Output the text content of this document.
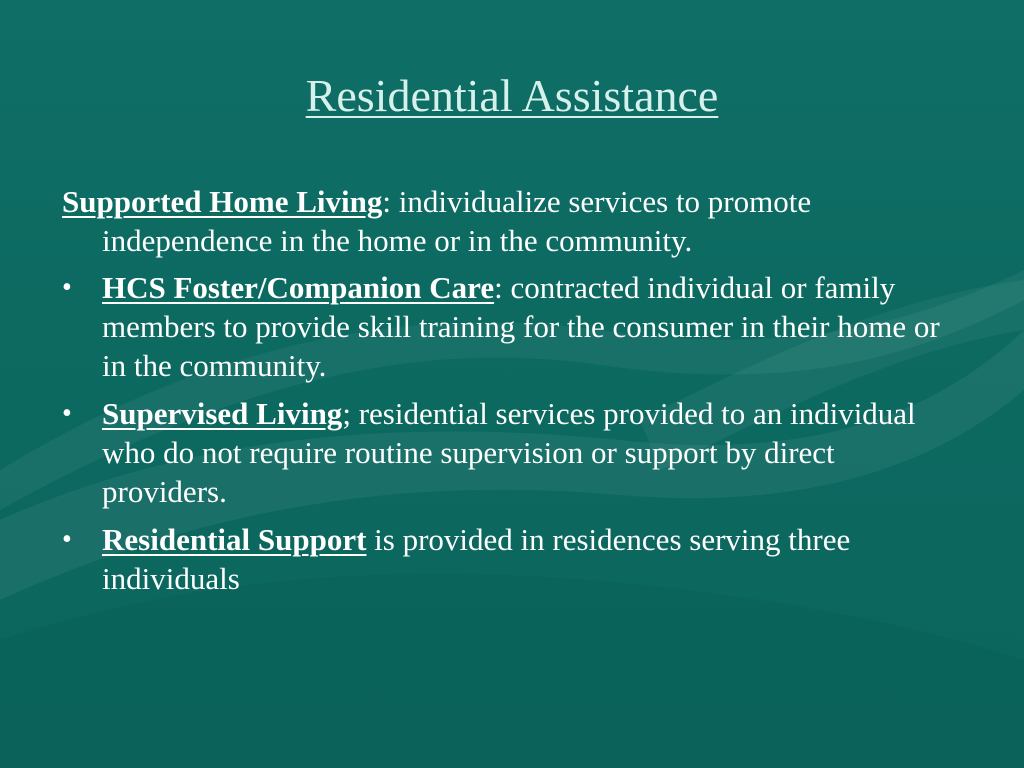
Residential Assistance

Supported Home Living: individualize services to promote independence in the home or in the community.

• HCS Foster/Companion Care: contracted individual or family members to provide skill training for the consumer in their home or in the community.
• Supervised Living; residential services provided to an individual who do not require routine supervision or support by direct providers.
• Residential Support is provided in residences serving three individuals
